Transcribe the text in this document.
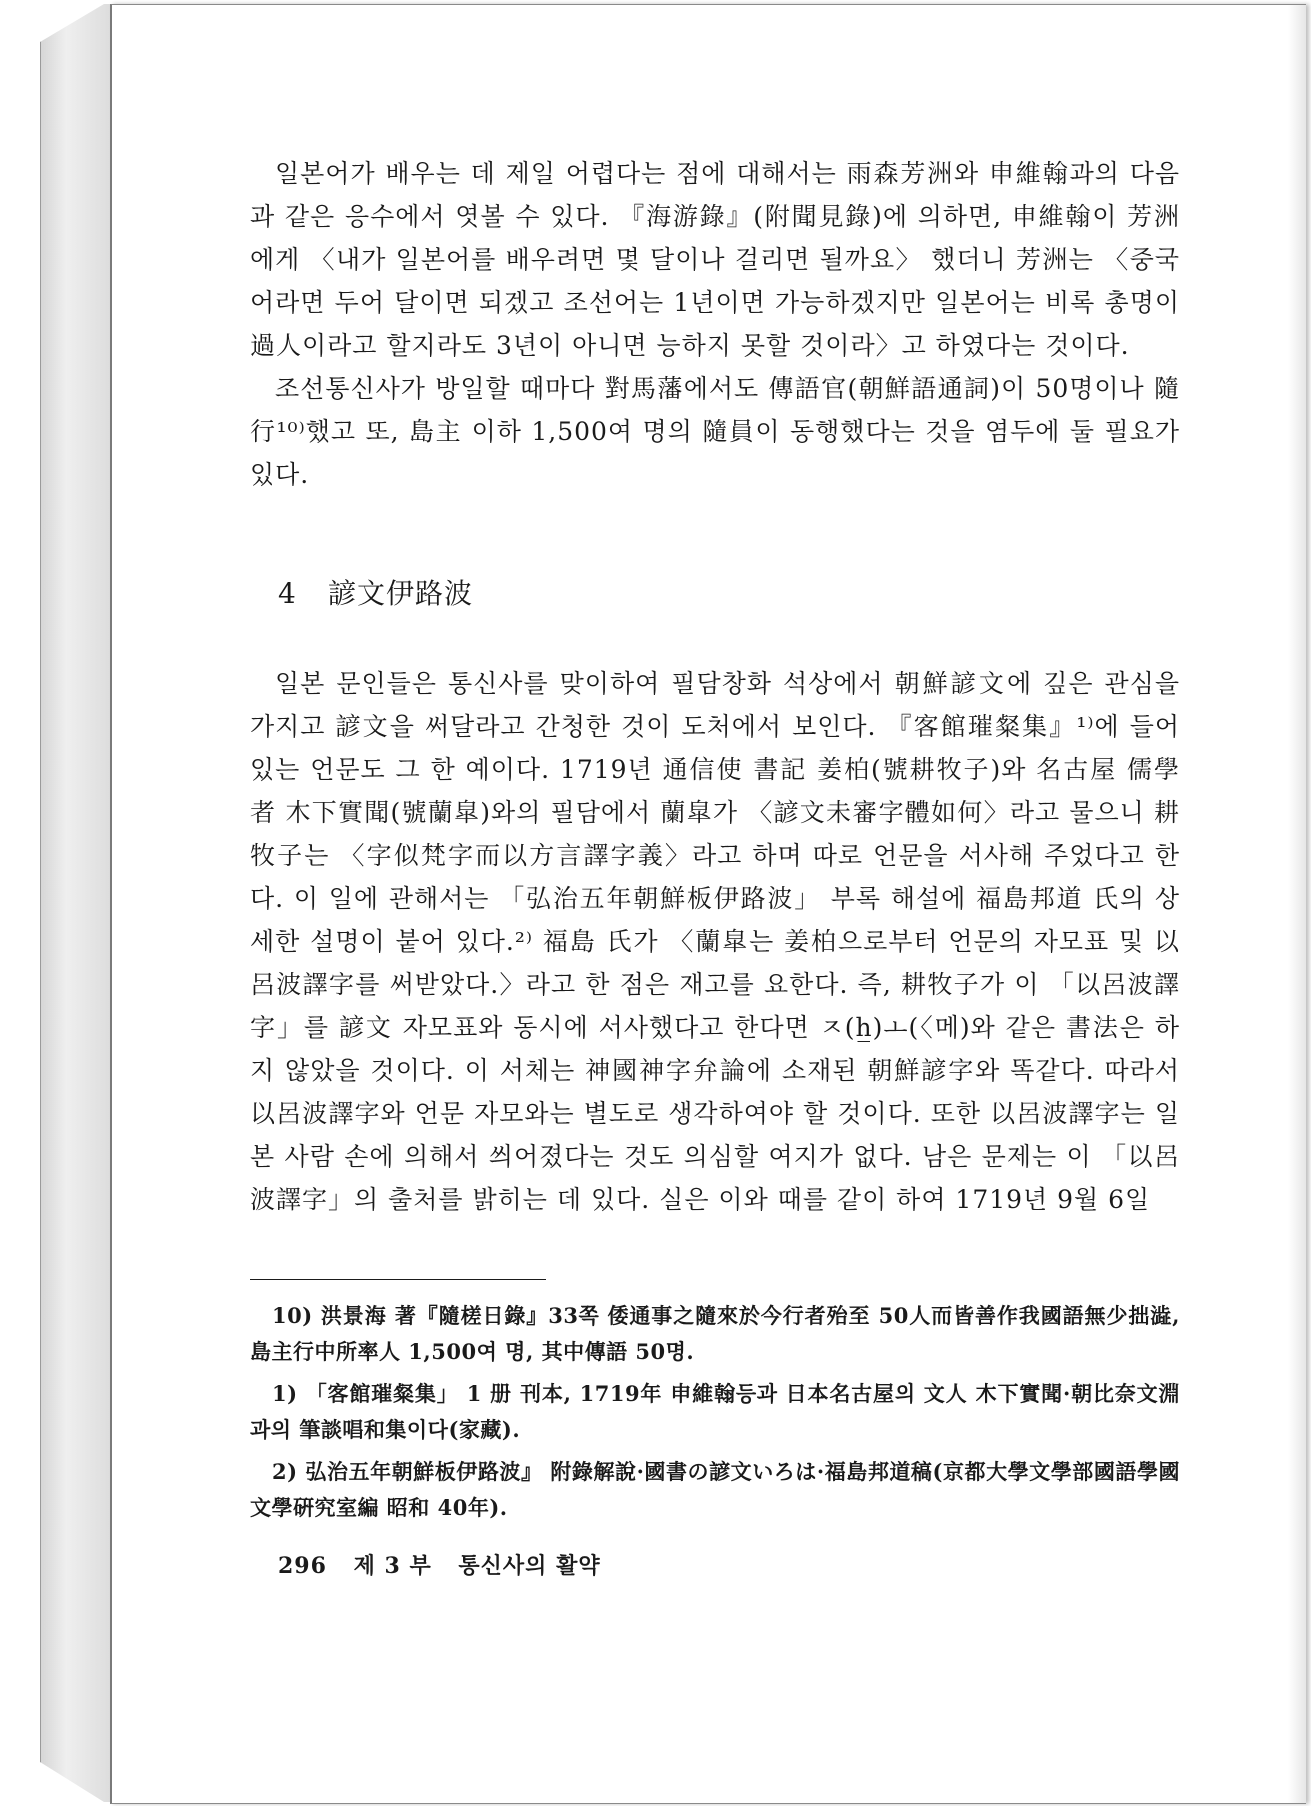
일본어가 배우는 데 제일 어렵다는 점에 대해서는 雨森芳洲와 申維翰과의 다음과 같은 응수에서 엿볼 수 있다. 『海游錄』(附聞見錄)에 의하면, 申維翰이 芳洲에게 〈내가 일본어를 배우려면 몇 달이나 걸리면 될까요〉 했더니 芳洲는 〈중국어라면 두어 달이면 되겠고 조선어는 1년이면 가능하겠지만 일본어는 비록 총명이 過人이라고 할지라도 3년이 아니면 능하지 못할 것이라〉고 하였다는 것이다.

조선통신사가 방일할 때마다 對馬藩에서도 傳語官(朝鮮語通詞)이 50명이나 隨行¹⁰⁾했고 또, 島主 이하 1,500여 명의 隨員이 동행했다는 것을 염두에 둘 필요가 있다.

4 諺文伊路波

일본 문인들은 통신사를 맞이하여 필담창화 석상에서 朝鮮諺文에 깊은 관심을 가지고 諺文을 써달라고 간청한 것이 도처에서 보인다. 『客館璀粲集』¹⁾에 들어 있는 언문도 그 한 예이다. 1719년 通信使 書記 姜柏(號耕牧子)와 名古屋 儒學者 木下實聞(號蘭皐)와의 필담에서 蘭皐가 〈諺文未審字體如何〉라고 물으니 耕牧子는 〈字似梵字而以方言譯字義〉라고 하며 따로 언문을 서사해 주었다고 한다. 이 일에 관해서는 「弘治五年朝鮮板伊路波」 부록 해설에 福島邦道 氏의 상세한 설명이 붙어 있다.²⁾ 福島 氏가 〈蘭皐는 姜柏으로부터 언문의 자모표 및 以呂波譯字를 써받았다.〉라고 한 점은 재고를 요한다. 즉, 耕牧子가 이 「以呂波譯字」를 諺文 자모표와 동시에 서사했다고 한다면 ㅈ(h̲)ㅗ(〈메)와 같은 書法은 하지 않았을 것이다. 이 서체는 神國神字弁論에 소재된 朝鮮諺字와 똑같다. 따라서 以呂波譯字와 언문 자모와는 별도로 생각하여야 할 것이다. 또한 以呂波譯字는 일본 사람 손에 의해서 씌어졌다는 것도 의심할 여지가 없다. 남은 문제는 이 「以呂波譯字」의 출처를 밝히는 데 있다. 실은 이와 때를 같이 하여 1719년 9월 6일

10) 洪景海 著『隨槎日錄』33쪽 倭通事之隨來於今行者殆至 50人而皆善作我國語無少拙澁, 島主行中所率人 1,500여 명, 其中傳語 50명.

1) 「客館璀粲集」 1 册 刊本, 1719年 申維翰등과 日本名古屋의 文人 木下實聞·朝比奈文淵과의 筆談唱和集이다(家藏).

2) 弘治五年朝鮮板伊路波』 附錄解說·國書の諺文いろは·福島邦道稿(京都大學文學部國語學國文學硏究室編 昭和 40年).

296 제 3 부 통신사의 활약
